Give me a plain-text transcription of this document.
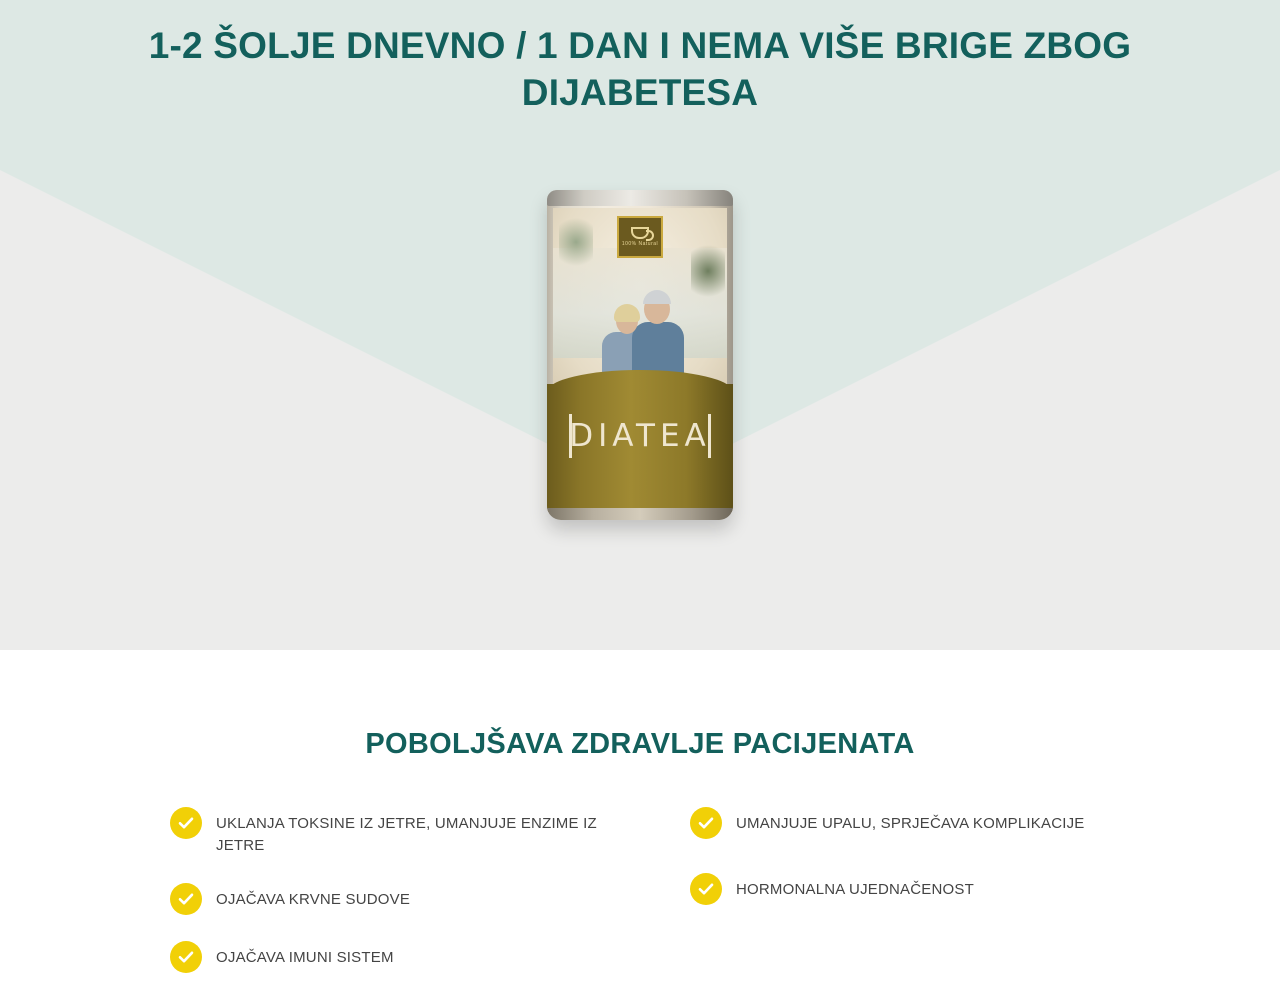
1-2 ŠOLJE DNEVNO / 1 DAN I NEMA VIŠE BRIGE ZBOG DIJABETESA
100% Natural
DIATEA
POBOLJŠAVA ZDRAVLJE PACIJENATA
UKLANJA TOKSINE IZ JETRE, UMANJUJE ENZIME IZ JETRE
OJAČAVA KRVNE SUDOVE
OJAČAVA IMUNI SISTEM
UMANJUJE UPALU, SPRJEČAVA KOMPLIKACIJE
HORMONALNA UJEDNAČENOST
